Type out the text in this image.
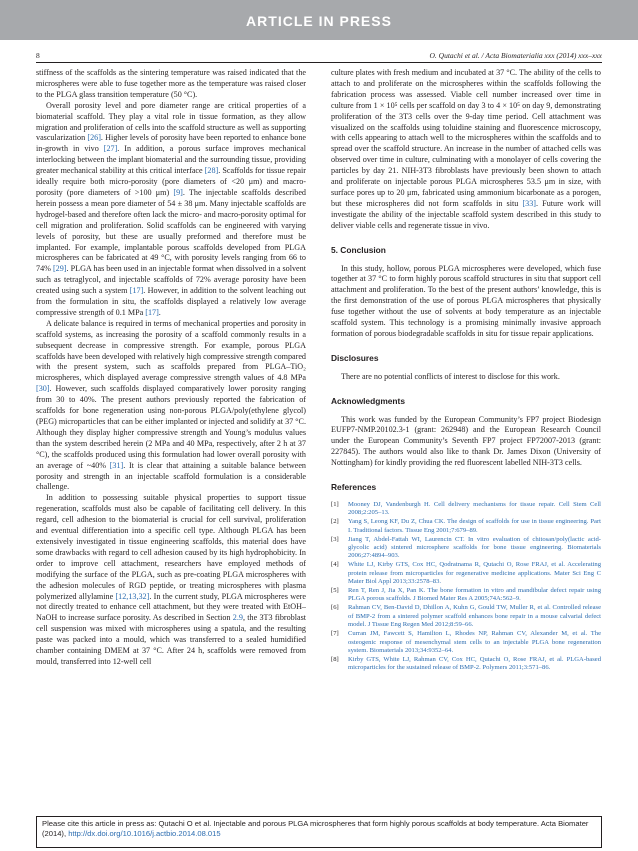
ARTICLE IN PRESS
8	O. Qutachi et al. / Acta Biomaterialia xxx (2014) xxx–xxx

stiffness of the scaffolds as the sintering temperature was raised indicated that the microspheres were able to fuse together more as the temperature was raised closer to the PLGA glass transition temperature (50 °C).

Overall porosity level and pore diameter range are critical properties of a biomaterial scaffold. They play a vital role in tissue formation, as they allow migration and proliferation of cells into the scaffold structure as well as supporting vascularization [26]. Higher levels of porosity have been reported to enhance bone in-growth in vivo [27]. In addition, a porous surface improves mechanical interlocking between the implant biomaterial and the surrounding tissue, providing greater mechanical stability at this critical interface [28]. Scaffolds for tissue repair ideally require both micro-porosity (pore diameters of <20 μm) and macro-porosity (pore diameters of >100 μm) [9]. The injectable scaffolds described herein possess a mean pore diameter of 54 ± 38 μm. Many injectable scaffolds are hydrogel-based and therefore often lack the micro- and macro-porosity optimal for cell migration and proliferation. Solid scaffolds can be engineered with varying levels of porosity, but these are usually preformed and therefore must be implanted. For example, implantable porous scaffolds developed from PLGA microspheres can be fabricated at 49 °C, with porosity levels ranging from 66 to 74% [29]. PLGA has been used in an injectable format when dissolved in a solvent such as tetraglycol, and injectable scaffolds of 72% average porosity have been created using such a system [17]. However, in addition to the solvent leaching out from the formulation in situ, the scaffolds displayed a relatively low average compressive strength of 0.1 MPa [17].

A delicate balance is required in terms of mechanical properties and porosity in scaffold systems, as increasing the porosity of a scaffold commonly results in a subsequent decrease in compressive strength. For example, porous PLGA scaffolds have been developed with relatively high compressive strength compared with the present system, such as scaffolds prepared from PLGA–TiO₂ microspheres, which displayed average compressive strength values of 4.8 MPa [30]. However, such scaffolds displayed comparatively lower porosity ranging from 30 to 40%. The present authors previously reported the fabrication of scaffolds for bone regeneration using non-porous PLGA/poly(ethylene glycol) (PEG) microparticles that can be either implanted or injected and solidify at 37 °C. Although they display higher compressive strength and Young’s modulus values than the system described herein (2 MPa and 40 MPa, respectively, after 2 h at 37 °C), the scaffolds produced using this formulation had lower overall porosity with an average of ~40% [31]. It is clear that attaining a suitable balance between porosity and strength in an injectable scaffold formulation is a considerable challenge.

In addition to possessing suitable physical properties to support tissue regeneration, scaffolds must also be capable of facilitating cell delivery. In this regard, cell adhesion to the biomaterial is crucial for cell survival, proliferation and eventual differentiation into a specific cell type. Although PLGA has been extensively investigated in tissue engineering scaffolds, this material does have some drawbacks with regard to cell adhesion caused by its high hydrophobicity. In order to improve cell attachment, researchers have employed methods of modifying the surface of the PLGA, such as pre-coating PLGA microspheres with the adhesion molecules of RGD peptide, or treating microspheres with plasma polymerized allylamine [12,13,32]. In the current study, PLGA microspheres were not directly treated to enhance cell attachment, but they were treated with EtOH–NaOH to increase surface porosity. As described in Section 2.9, the 3T3 fibroblast cell suspension was mixed with microspheres using a spatula, and the resulting paste was packed into a mould, which was transferred to a sealed humidified chamber containing DMEM at 37 °C. After 24 h, scaffolds were removed from mould, transferred into 12-well cell

culture plates with fresh medium and incubated at 37 °C. The ability of the cells to attach to and proliferate on the microspheres within the scaffolds following the fabrication process was assessed. Viable cell number increased over time in culture from 1 × 10⁵ cells per scaffold on day 3 to 4 × 10⁵ on day 9, demonstrating proliferation of the 3T3 cells over the 9-day time period. Cell attachment was visualized on the scaffolds using toluidine staining and fluorescence microscopy, with cells appearing to attach well to the microspheres within the scaffolds and to spread over the scaffold structure. An increase in the number of attached cells was observed over time in culture, culminating with a monolayer of cells covering the particles by day 21. NIH-3T3 fibroblasts have previously been shown to attach and proliferate on injectable porous PLGA microspheres 53.5 μm in size, with surface pores up to 20 μm, fabricated using ammonium bicarbonate as a porogen, but these microspheres did not form scaffolds in situ [33]. Future work will investigate the ability of the injectable scaffold system described in this study to deliver viable cells and regenerate tissue in vivo.

5. Conclusion

In this study, hollow, porous PLGA microspheres were developed, which fuse together at 37 °C to form highly porous scaffold structures in situ that support cell attachment and proliferation. To the best of the present authors’ knowledge, this is the first demonstration of the use of porous PLGA microspheres that physically fuse together without the use of solvents at body temperature as an injectable scaffold system. This technology is a promising minimally invasive approach formation of porous biodegradable scaffolds in situ for tissue repair applications.

Disclosures

There are no potential conflicts of interest to disclose for this work.

Acknowledgments

This work was funded by the European Community’s FP7 project Biodesign EUFP7-NMP.20102.3-1 (grant: 262948) and the European Research Council under the European Community’s Seventh FP7 project FP72007-2013 (grant: 227845). The authors would also like to thank Dr. James Dixon (University of Nottingham) for kindly providing the red fluorescent labelled NIH-3T3 cells.

References
[1] Mooney DJ, Vandenburgh H. Cell delivery mechanisms for tissue repair. Cell Stem Cell 2008;2:205–13.
[2] Yang S, Leong KF, Du Z, Chua CK. The design of scaffolds for use in tissue engineering. Part I. Traditional factors. Tissue Eng 2001;7:679–89.
[3] Jiang T, Abdel-Fattah WI, Laurencin CT. In vitro evaluation of chitosan/poly(lactic acid-glycolic acid) sintered microsphere scaffolds for bone tissue engineering. Biomaterials 2006;27:4894–903.
[4] White LJ, Kirby GTS, Cox HC, Qodratnama R, Qutachi O, Rose FRAJ, et al. Accelerating protein release from microparticles for regenerative medicine applications. Mater Sci Eng C Mater Biol Appl 2013;33:2578–83.
[5] Ren T, Ren J, Jia X, Pan K. The bone formation in vitro and mandibular defect repair using PLGA porous scaffolds. J Biomed Mater Res A 2005;74A:562–9.
[6] Rahman CV, Ben-David D, Dhillon A, Kuhn G, Gould TW, Muller R, et al. Controlled release of BMP-2 from a sintered polymer scaffold enhances bone repair in a mouse calvarial defect model. J Tissue Eng Regen Med 2012;8:59–66.
[7] Curran JM, Fawcett S, Hamilton L, Rhodes NP, Rahman CV, Alexander M, et al. The osteogenic response of mesenchymal stem cells to an injectable PLGA bone regeneration system. Biomaterials 2013;34:9352–64.
[8] Kirby GTS, White LJ, Rahman CV, Cox HC, Qutachi O, Rose FRAJ, et al. PLGA-based microparticles for the sustained release of BMP-2. Polymers 2011;3:571–86.
Please cite this article in press as: Qutachi O et al. Injectable and porous PLGA microspheres that form highly porous scaffolds at body temperature. Acta Biomater (2014), http://dx.doi.org/10.1016/j.actbio.2014.08.015
